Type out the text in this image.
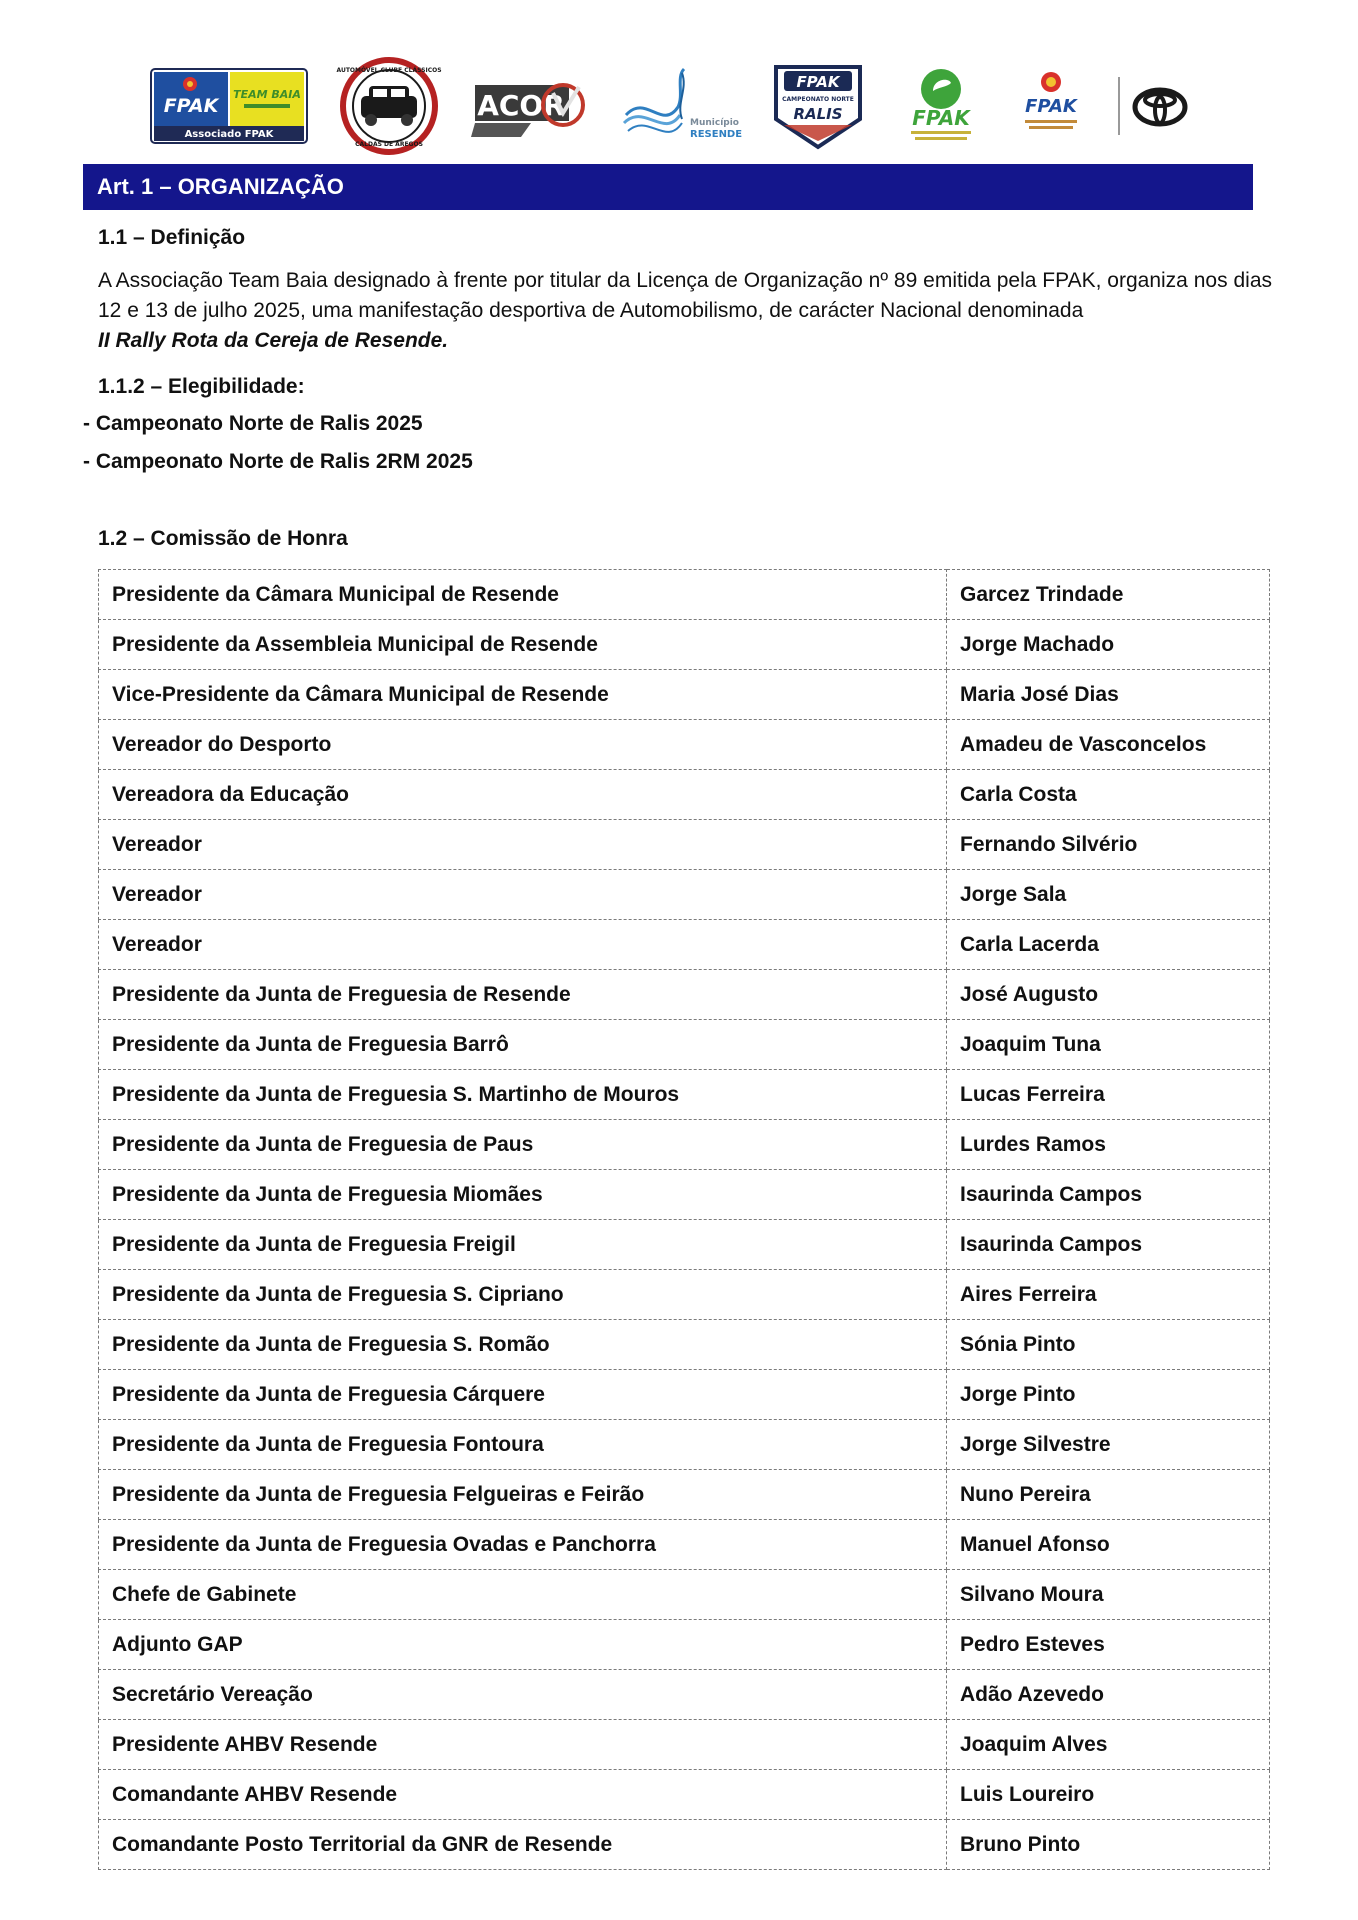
FPAK
TEAM BAIA
Associado FPAK
AUTOMÓVEL CLUBE CLÁSSICOS
CALDAS DE AREGOS
ACOR
Município
RESENDE
FPAK
CAMPEONATO NORTE
RALIS	FPAK	FPAK
Art. 1 – ORGANIZAÇÃO
1.1 – Definição
A Associação Team Baia designado à frente por titular da Licença de Organização nº 89 emitida pela FPAK, organiza nos dias 12 e 13 de julho 2025, uma manifestação desportiva de Automobilismo, de carácter Nacional denominada
II Rally Rota da Cereja de Resende.
1.1.2 – Elegibilidade:
- Campeonato Norte de Ralis 2025
- Campeonato Norte de Ralis 2RM 2025
1.2 – Comissão de Honra
Presidente da Câmara Municipal de Resende	Garcez Trindade
Presidente da Assembleia Municipal de Resende	Jorge Machado
Vice-Presidente da Câmara Municipal de Resende	Maria José Dias
Vereador do Desporto	Amadeu de Vasconcelos
Vereadora da Educação	Carla Costa
Vereador	Fernando Silvério
Vereador	Jorge Sala
Vereador	Carla Lacerda
Presidente da Junta de Freguesia de Resende	José Augusto
Presidente da Junta de Freguesia Barrô	Joaquim Tuna
Presidente da Junta de Freguesia S. Martinho de Mouros	Lucas Ferreira
Presidente da Junta de Freguesia de Paus	Lurdes Ramos
Presidente da Junta de Freguesia Miomães	Isaurinda Campos
Presidente da Junta de Freguesia Freigil	Isaurinda Campos
Presidente da Junta de Freguesia S. Cipriano	Aires Ferreira
Presidente da Junta de Freguesia S. Romão	Sónia Pinto
Presidente da Junta de Freguesia Cárquere	Jorge Pinto
Presidente da Junta de Freguesia Fontoura	Jorge Silvestre
Presidente da Junta de Freguesia Felgueiras e Feirão	Nuno Pereira
Presidente da Junta de Freguesia Ovadas e Panchorra	Manuel Afonso
Chefe de Gabinete	Silvano Moura
Adjunto GAP	Pedro Esteves
Secretário Vereação	Adão Azevedo
Presidente AHBV Resende	Joaquim Alves
Comandante AHBV Resende	Luis Loureiro
Comandante Posto Territorial da GNR de Resende	Bruno Pinto
